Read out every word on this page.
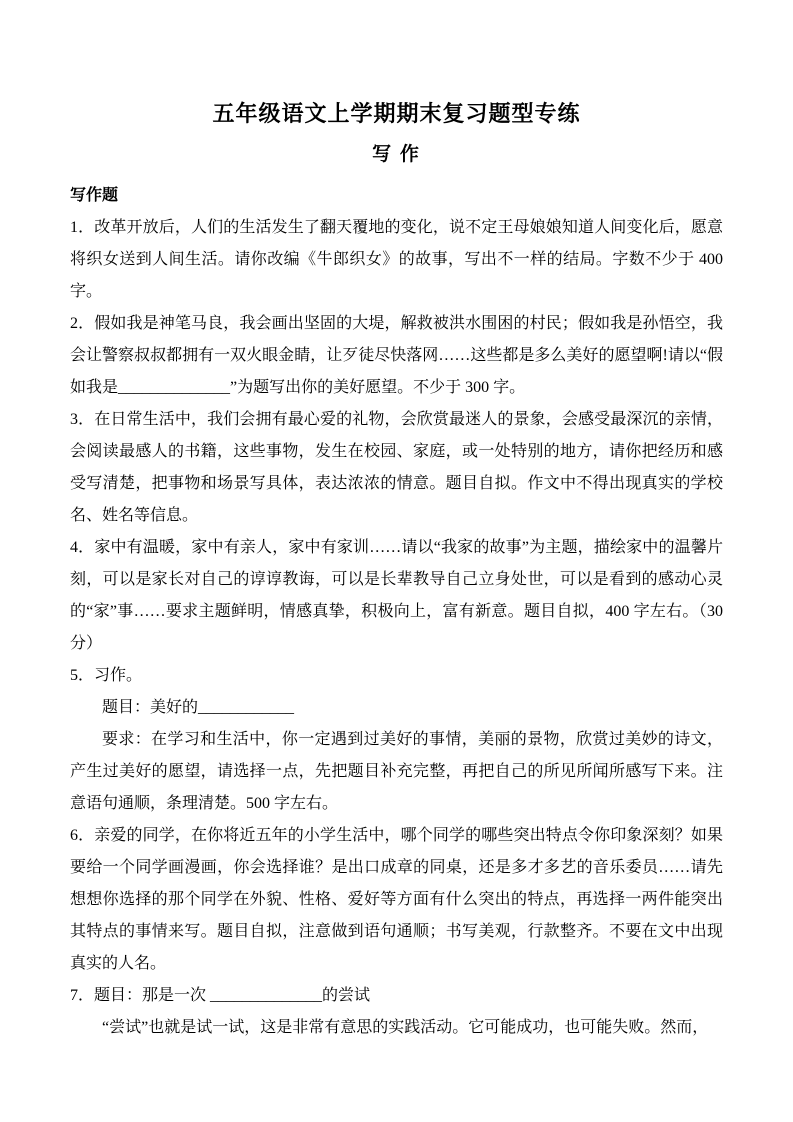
五年级语文上学期期末复习题型专练
写 作
写作题

1．改革开放后，人们的生活发生了翻天覆地的变化，说不定王母娘娘知道人间变化后，愿意将织女送到人间生活。请你改编《牛郎织女》的故事，写出不一样的结局。字数不少于 400 字。

2．假如我是神笔马良，我会画出坚固的大堤，解救被洪水围困的村民；假如我是孙悟空，我会让警察叔叔都拥有一双火眼金睛，让歹徒尽快落网……这些都是多么美好的愿望啊!请以“假如我是______________”为题写出你的美好愿望。不少于 300 字。

3．在日常生活中，我们会拥有最心爱的礼物，会欣赏最迷人的景象，会感受最深沉的亲情，会阅读最感人的书籍，这些事物，发生在校园、家庭，或一处特别的地方，请你把经历和感受写清楚，把事物和场景写具体，表达浓浓的情意。题目自拟。作文中不得出现真实的学校名、姓名等信息。

4．家中有温暖，家中有亲人，家中有家训……请以“我家的故事”为主题，描绘家中的温馨片刻，可以是家长对自己的谆谆教诲，可以是长辈教导自己立身处世，可以是看到的感动心灵的“家”事……要求主题鲜明，情感真挚，积极向上，富有新意。题目自拟，400 字左右。（30分）

5．习作。

题目：美好的____________

要求：在学习和生活中，你一定遇到过美好的事情，美丽的景物，欣赏过美妙的诗文，产生过美好的愿望，请选择一点，先把题目补充完整，再把自己的所见所闻所感写下来。注意语句通顺，条理清楚。500 字左右。

6．亲爱的同学，在你将近五年的小学生活中，哪个同学的哪些突出特点令你印象深刻？如果要给一个同学画漫画，你会选择谁？是出口成章的同桌，还是多才多艺的音乐委员……请先想想你选择的那个同学在外貌、性格、爱好等方面有什么突出的特点，再选择一两件能突出其特点的事情来写。题目自拟，注意做到语句通顺；书写美观，行款整齐。不要在文中出现真实的人名。

7．题目：那是一次 ______________的尝试

“尝试”也就是试一试，这是非常有意思的实践活动。它可能成功，也可能失败。然而，
